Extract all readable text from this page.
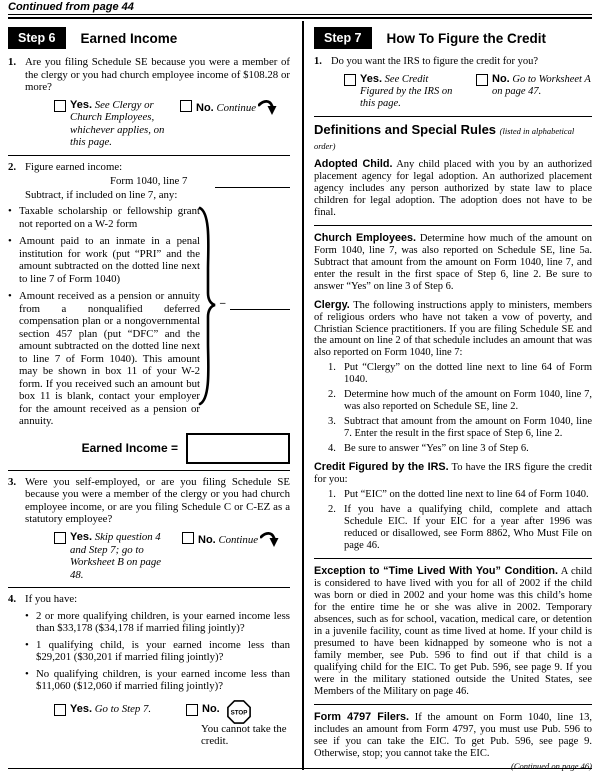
Continued from page 44
Step 6	Earned Income
1. Are you filing Schedule SE because you were a member of the clergy or you had church employee income of $108.28 or more?
Yes. See Clergy or Church Employees, whichever applies, on this page.
No. Continue
2. Figure earned income:
Form 1040, line 7
Subtract, if included on line 7, any:
• Taxable scholarship or fellowship grant not reported on a W-2 form
• Amount paid to an inmate in a penal institution for work (put “PRI” and the amount subtracted on the dotted line next to line 7 of Form 1040)
• Amount received as a pension or annuity from a nonqualified deferred compensation plan or a nongovernmental section 457 plan (put “DFC” and the amount subtracted on the dotted line next to line 7 of Form 1040). This amount may be shown in box 11 of your W-2 form. If you received such an amount but box 11 is blank, contact your employer for the amount received as a pension or annuity.
–
Earned Income =
3. Were you self-employed, or are you filing Schedule SE because you were a member of the clergy or you had church employee income, or are you filing Schedule C or C-EZ as a statutory employee?
Yes. Skip question 4 and Step 7; go to Worksheet B on page 48.
No. Continue
4. If you have:
• 2 or more qualifying children, is your earned income less than $33,178 ($34,178 if married filing jointly)?
• 1 qualifying child, is your earned income less than $29,201 ($30,201 if married filing jointly)?
• No qualifying children, is your earned income less than $11,060 ($12,060 if married filing jointly)?
Yes. Go to Step 7.	No. STOP
You cannot take the credit.
Step 7	How To Figure the Credit
1. Do you want the IRS to figure the credit for you?
Yes. See Credit Figured by the IRS on this page.
No. Go to Worksheet A on page 47.
Definitions and Special Rules (listed in alphabetical order)

Adopted Child. Any child placed with you by an authorized placement agency for legal adoption. An authorized placement agency includes any person authorized by state law to place children for legal adoption. The adoption does not have to be final.

Church Employees. Determine how much of the amount on Form 1040, line 7, was also reported on Schedule SE, line 5a. Subtract that amount from the amount on Form 1040, line 7, and enter the result in the first space of Step 6, line 2. Be sure to answer “Yes” on line 3 of Step 6.

Clergy. The following instructions apply to ministers, members of religious orders who have not taken a vow of poverty, and Christian Science practitioners. If you are filing Schedule SE and the amount on line 2 of that schedule includes an amount that was also reported on Form 1040, line 7:

1. Put “Clergy” on the dotted line next to line 64 of Form 1040.
2. Determine how much of the amount on Form 1040, line 7, was also reported on Schedule SE, line 2.
3. Subtract that amount from the amount on Form 1040, line 7. Enter the result in the first space of Step 6, line 2.
4. Be sure to answer “Yes” on line 3 of Step 6.

Credit Figured by the IRS. To have the IRS figure the credit for you:

1. Put “EIC” on the dotted line next to line 64 of Form 1040.
2. If you have a qualifying child, complete and attach Schedule EIC. If your EIC for a year after 1996 was reduced or disallowed, see Form 8862, Who Must File on page 46.

Exception to “Time Lived With You” Condition. A child is considered to have lived with you for all of 2002 if the child was born or died in 2002 and your home was this child’s home for the entire time he or she was alive in 2002. Temporary absences, such as for school, vacation, medical care, or detention in a juvenile facility, count as time lived at home. If your child is presumed to have been kidnapped by someone who is not a family member, see Pub. 596 to find out if that child is a qualifying child for the EIC. To get Pub. 596, see page 9. If you were in the military stationed outside the United States, see Members of the Military on page 46.

Form 4797 Filers. If the amount on Form 1040, line 13, includes an amount from Form 4797, you must use Pub. 596 to see if you can take the EIC. To get Pub. 596, see page 9. Otherwise, stop; you cannot take the EIC.

(Continued on page 46)
